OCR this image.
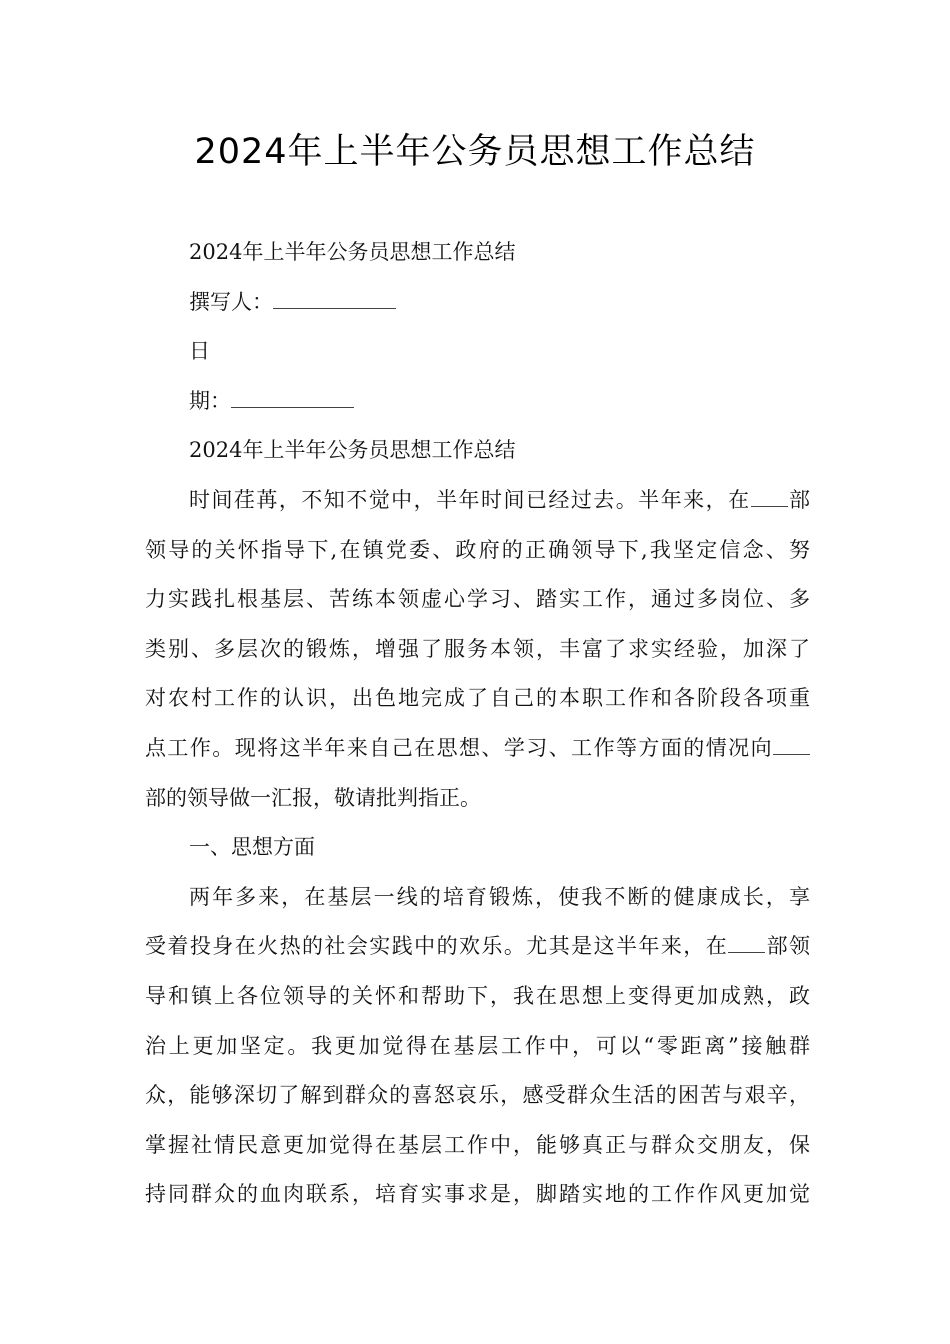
2024年上半年公务员思想工作总结
2024年上半年公务员思想工作总结
撰写人：
日
期：
2024年上半年公务员思想工作总结
时间荏苒，不知不觉中，半年时间已经过去。半年来，在 部
领导的关怀指导下,在镇党委、政府的正确领导下,我坚定信念、努
力实践扎根基层、苦练本领虚心学习、踏实工作，通过多岗位、多
类别、多层次的锻炼，增强了服务本领，丰富了求实经验，加深了
对农村工作的认识，出色地完成了自己的本职工作和各阶段各项重
点工作。现将这半年来自己在思想、学习、工作等方面的情况向
部的领导做一汇报，敬请批判指正。
一、思想方面
两年多来，在基层一线的培育锻炼，使我不断的健康成长，享
受着投身在火热的社会实践中的欢乐。尤其是这半年来，在 部领
导和镇上各位领导的关怀和帮助下，我在思想上变得更加成熟，政
治上更加坚定。我更加觉得在基层工作中，可以“零距离”接触群
众，能够深切了解到群众的喜怒哀乐，感受群众生活的困苦与艰辛，
掌握社情民意更加觉得在基层工作中，能够真正与群众交朋友，保
持同群众的血肉联系，培育实事求是，脚踏实地的工作作风更加觉
